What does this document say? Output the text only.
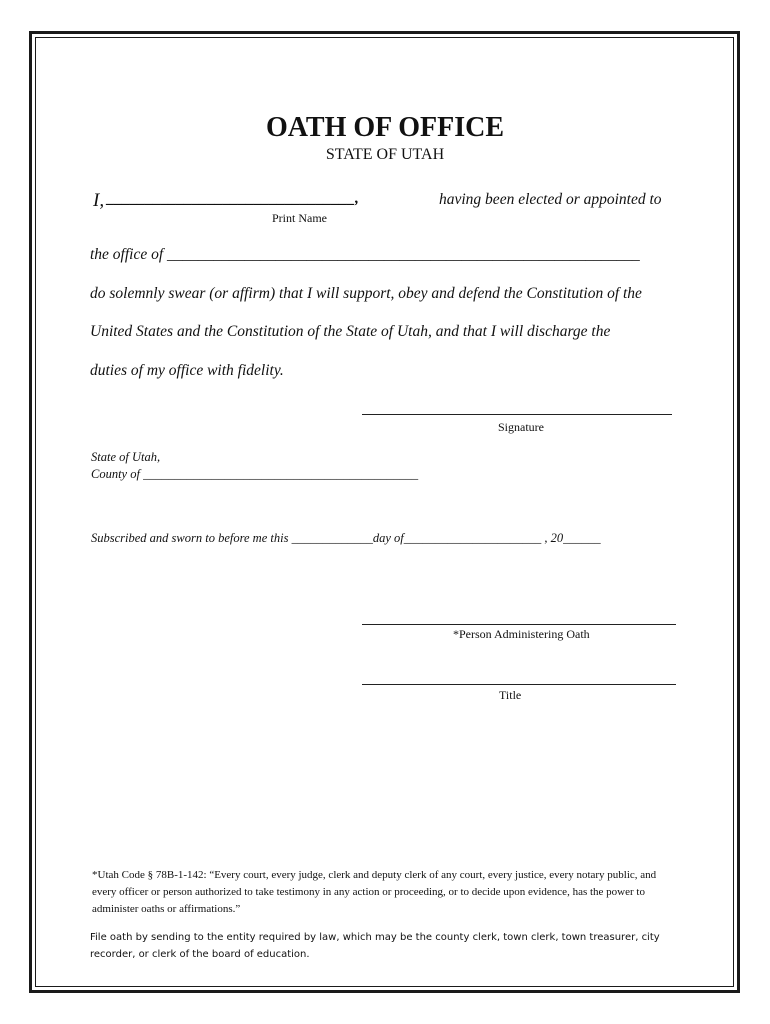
OATH OF OFFICE
STATE OF UTAH
I, ________________________________,	having been elected or appointed to
Print Name
the office of _____________________________________________________________
do solemnly swear (or affirm) that I will support, obey and defend the Constitution of the
United States and the Constitution of the State of Utah, and that I will discharge the
duties of my office with fidelity.
Signature
State of Utah,
County of ____________________________________________
Subscribed and sworn to before me this _____________day of______________________ , 20______
*Person Administering Oath
Title
*Utah Code § 78B-1-142: “Every court, every judge, clerk and deputy clerk of any court, every justice, every notary public, and every officer or person authorized to take testimony in any action or proceeding, or to decide upon evidence, has the power to administer oaths or affirmations.”
File oath by sending to the entity required by law, which may be the county clerk, town clerk, town treasurer, city recorder, or clerk of the board of education.
